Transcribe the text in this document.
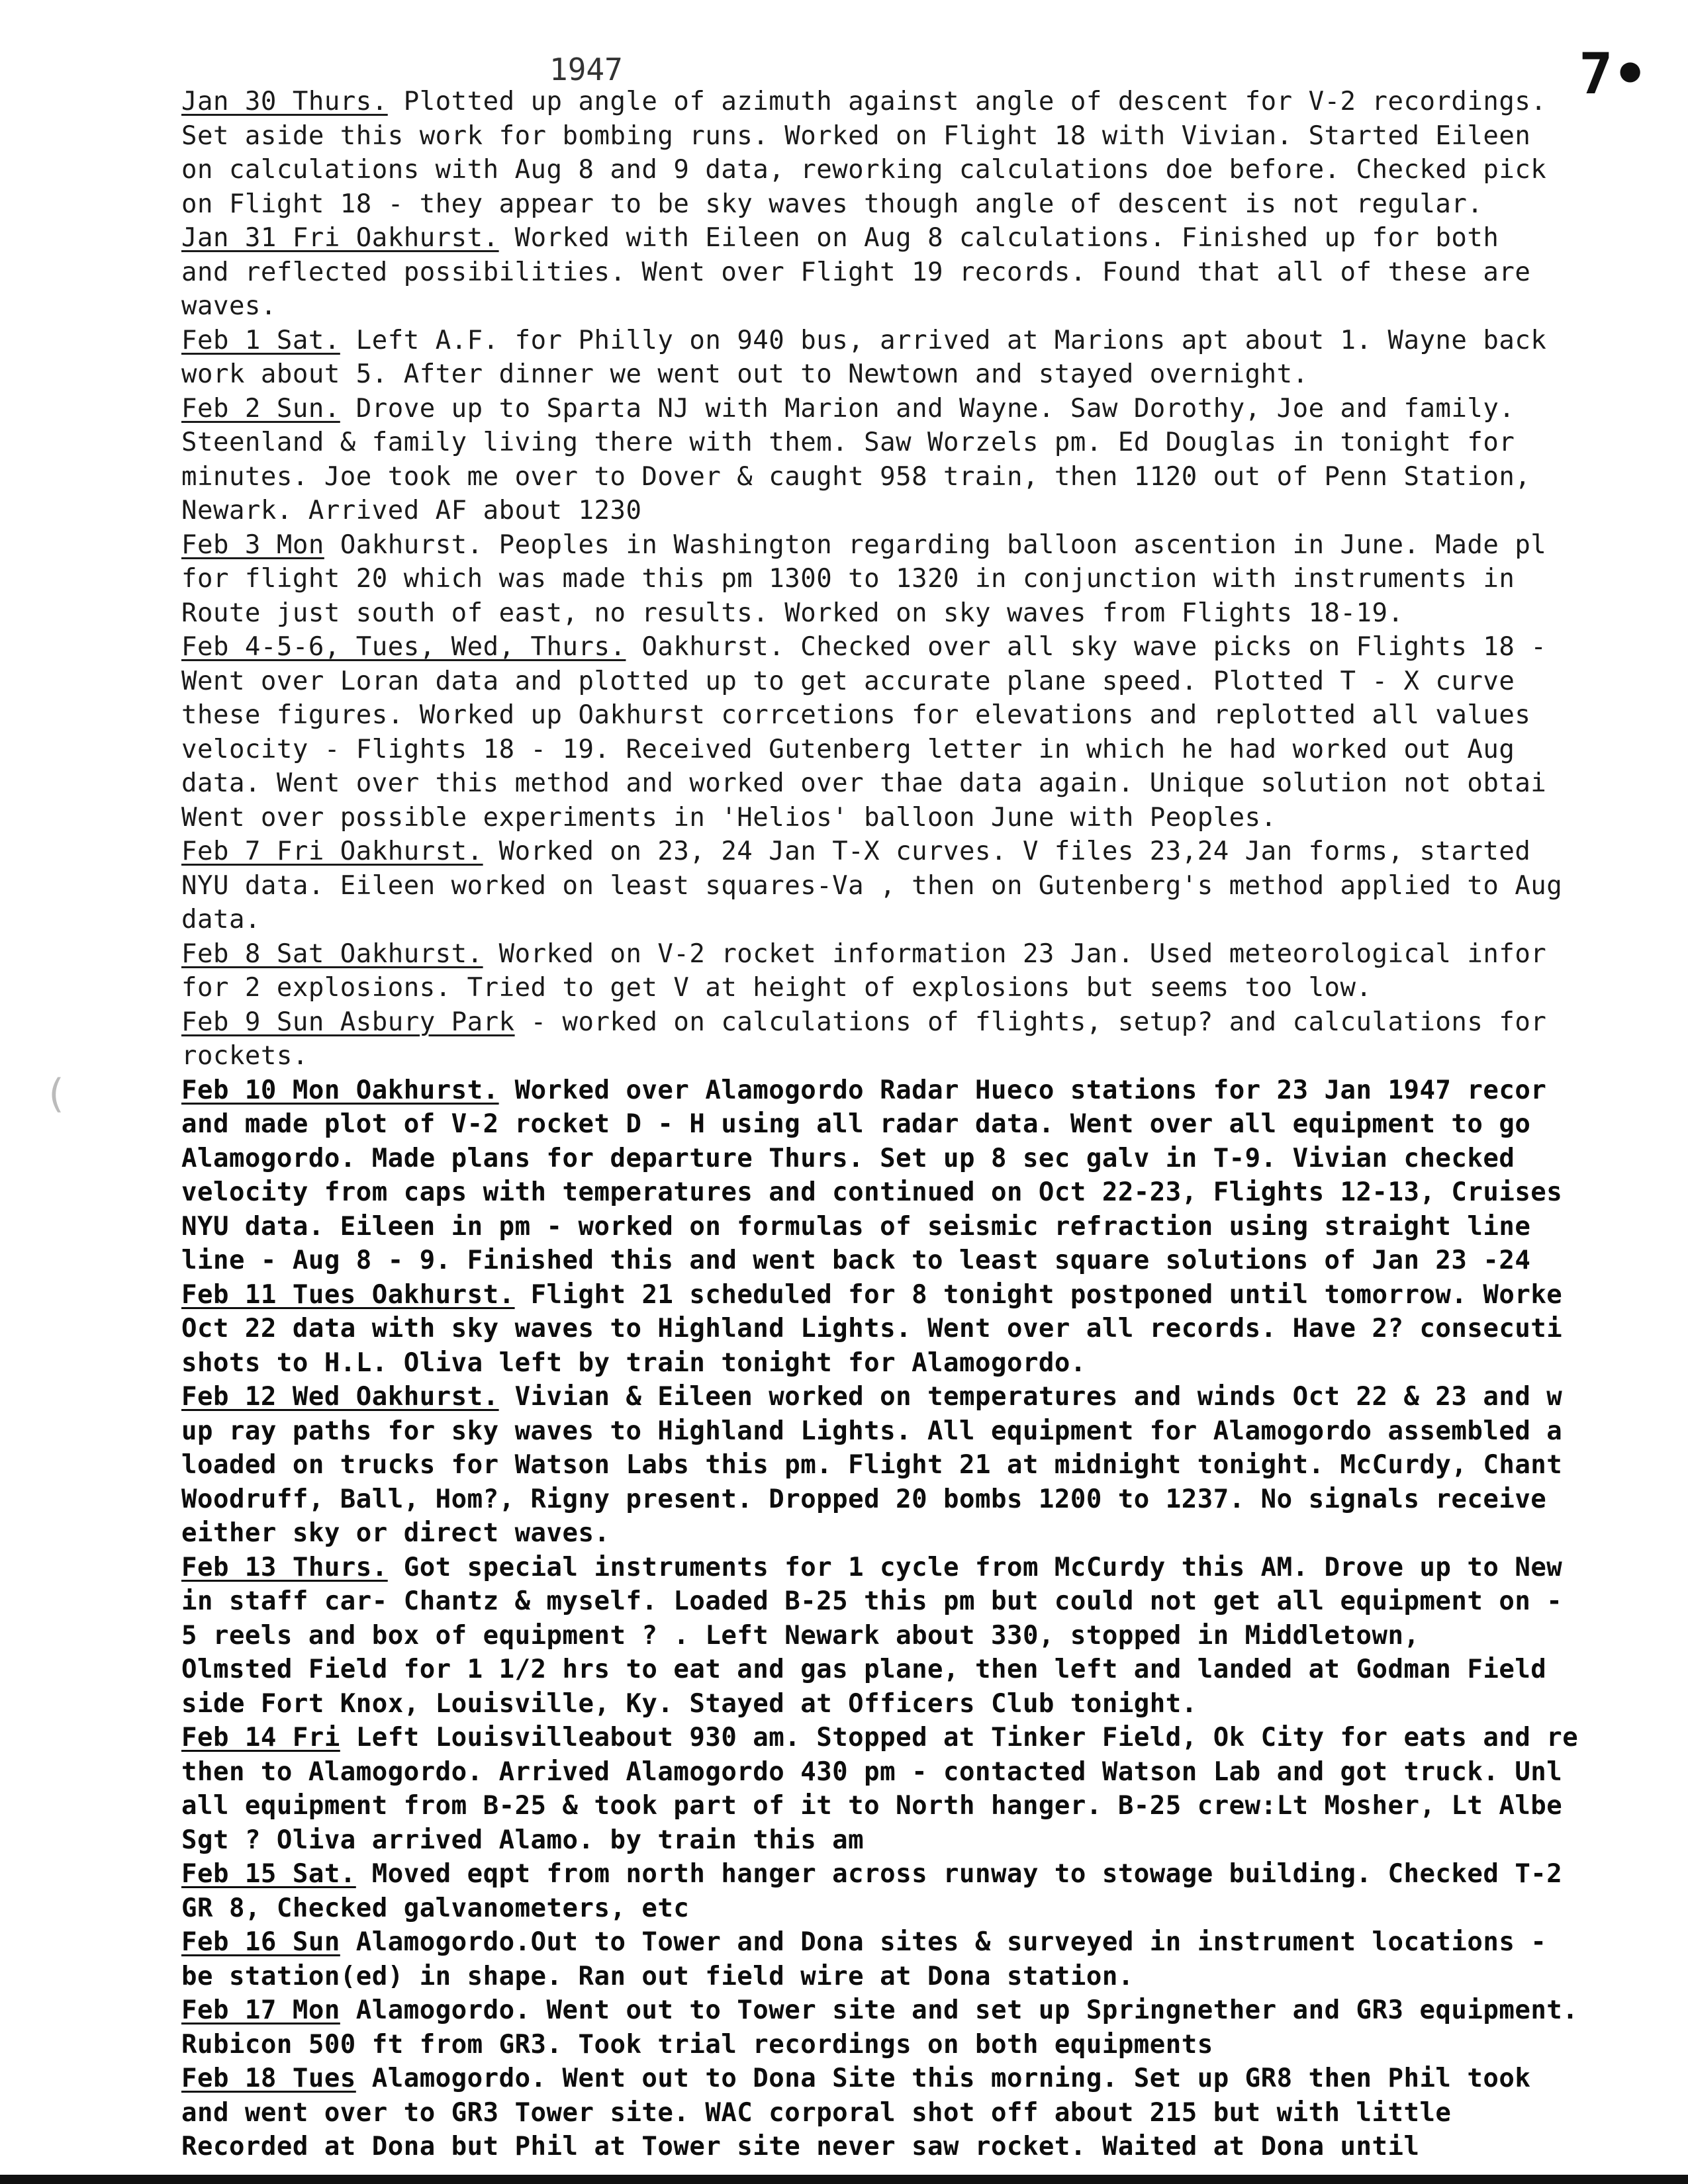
1947	7•
(
Jan 30 Thurs. Plotted up angle of azimuth against angle of descent for V-2 recordings.
Set aside this work for bombing runs. Worked on Flight 18 with Vivian. Started Eileen
on calculations with Aug 8 and 9 data, reworking calculations doe before. Checked pick
on Flight 18 - they appear to be sky waves though angle of descent is not regular.
Jan 31 Fri Oakhurst. Worked with Eileen on Aug 8 calculations. Finished up for both
and reflected possibilities. Went over Flight 19 records. Found that all of these are
waves.
Feb 1 Sat. Left A.F. for Philly on 940 bus, arrived at Marions apt about 1. Wayne back
work about 5. After dinner we went out to Newtown and stayed overnight.
Feb 2 Sun. Drove up to Sparta NJ with Marion and Wayne. Saw Dorothy, Joe and family.
Steenland & family living there with them. Saw Worzels pm. Ed Douglas in tonight for
minutes. Joe took me over to Dover & caught 958 train, then 1120 out of Penn Station,
Newark. Arrived AF about 1230
Feb 3 Mon Oakhurst. Peoples in Washington regarding balloon ascention in June. Made pl
for flight 20 which was made this pm 1300 to 1320 in conjunction with instruments in
Route just south of east, no results. Worked on sky waves from Flights 18-19.
Feb 4-5-6, Tues, Wed, Thurs. Oakhurst. Checked over all sky wave picks on Flights 18 -
Went over Loran data and plotted up to get accurate plane speed. Plotted T - X curve
these figures. Worked up Oakhurst corrcetions for elevations and replotted all values
velocity - Flights 18 - 19. Received Gutenberg letter in which he had worked out Aug
data. Went over this method and worked over thae data again. Unique solution not obtai
Went over possible experiments in 'Helios' balloon June with Peoples.
Feb 7 Fri Oakhurst. Worked on 23, 24 Jan T-X curves. V files 23,24 Jan forms, started
NYU data. Eileen worked on least squares-Va , then on Gutenberg's method applied to Aug
data.
Feb 8 Sat Oakhurst. Worked on V-2 rocket information 23 Jan. Used meteorological infor
for 2 explosions. Tried to get V at height of explosions but seems too low.
Feb 9 Sun Asbury Park - worked on calculations of flights, setup? and calculations for
rockets.
Feb 10 Mon Oakhurst. Worked over Alamogordo Radar Hueco stations for 23 Jan 1947 recor
and made plot of V-2 rocket D - H using all radar data. Went over all equipment to go
Alamogordo. Made plans for departure Thurs. Set up 8 sec galv in T-9. Vivian checked
velocity from caps with temperatures and continued on Oct 22-23, Flights 12-13, Cruises
NYU data. Eileen in pm - worked on formulas of seismic refraction using straight line
line - Aug 8 - 9. Finished this and went back to least square solutions of Jan 23 -24
Feb 11 Tues Oakhurst. Flight 21 scheduled for 8 tonight postponed until tomorrow. Worke
Oct 22 data with sky waves to Highland Lights. Went over all records. Have 2? consecuti
shots to H.L. Oliva left by train tonight for Alamogordo.
Feb 12 Wed Oakhurst. Vivian & Eileen worked on temperatures and winds Oct 22 & 23 and w
up ray paths for sky waves to Highland Lights. All equipment for Alamogordo assembled a
loaded on trucks for Watson Labs this pm. Flight 21 at midnight tonight. McCurdy, Chant
Woodruff, Ball, Hom?, Rigny present. Dropped 20 bombs 1200 to 1237. No signals receive
either sky or direct waves.
Feb 13 Thurs. Got special instruments for 1 cycle from McCurdy this AM. Drove up to New
in staff car- Chantz & myself. Loaded B-25 this pm but could not get all equipment on -
5 reels and box of equipment ? . Left Newark about 330, stopped in Middletown,
Olmsted Field for 1 1/2 hrs to eat and gas plane, then left and landed at Godman Field
side Fort Knox, Louisville, Ky. Stayed at Officers Club tonight.
Feb 14 Fri Left Louisvilleabout 930 am. Stopped at Tinker Field, Ok City for eats and re
then to Alamogordo. Arrived Alamogordo 430 pm - contacted Watson Lab and got truck. Unl
all equipment from B-25 & took part of it to North hanger. B-25 crew:Lt Mosher, Lt Albe
Sgt ? Oliva arrived Alamo. by train this am
Feb 15 Sat. Moved eqpt from north hanger across runway to stowage building. Checked T-2
GR 8, Checked galvanometers, etc
Feb 16 Sun Alamogordo.Out to Tower and Dona sites & surveyed in instrument locations -
be station(ed) in shape. Ran out field wire at Dona station.
Feb 17 Mon Alamogordo. Went out to Tower site and set up Springnether and GR3 equipment.
Rubicon 500 ft from GR3. Took trial recordings on both equipments
Feb 18 Tues Alamogordo. Went out to Dona Site this morning. Set up GR8 then Phil took
and went over to GR3 Tower site. WAC corporal shot off about 215 but with little
Recorded at Dona but Phil at Tower site never saw rocket. Waited at Dona until
